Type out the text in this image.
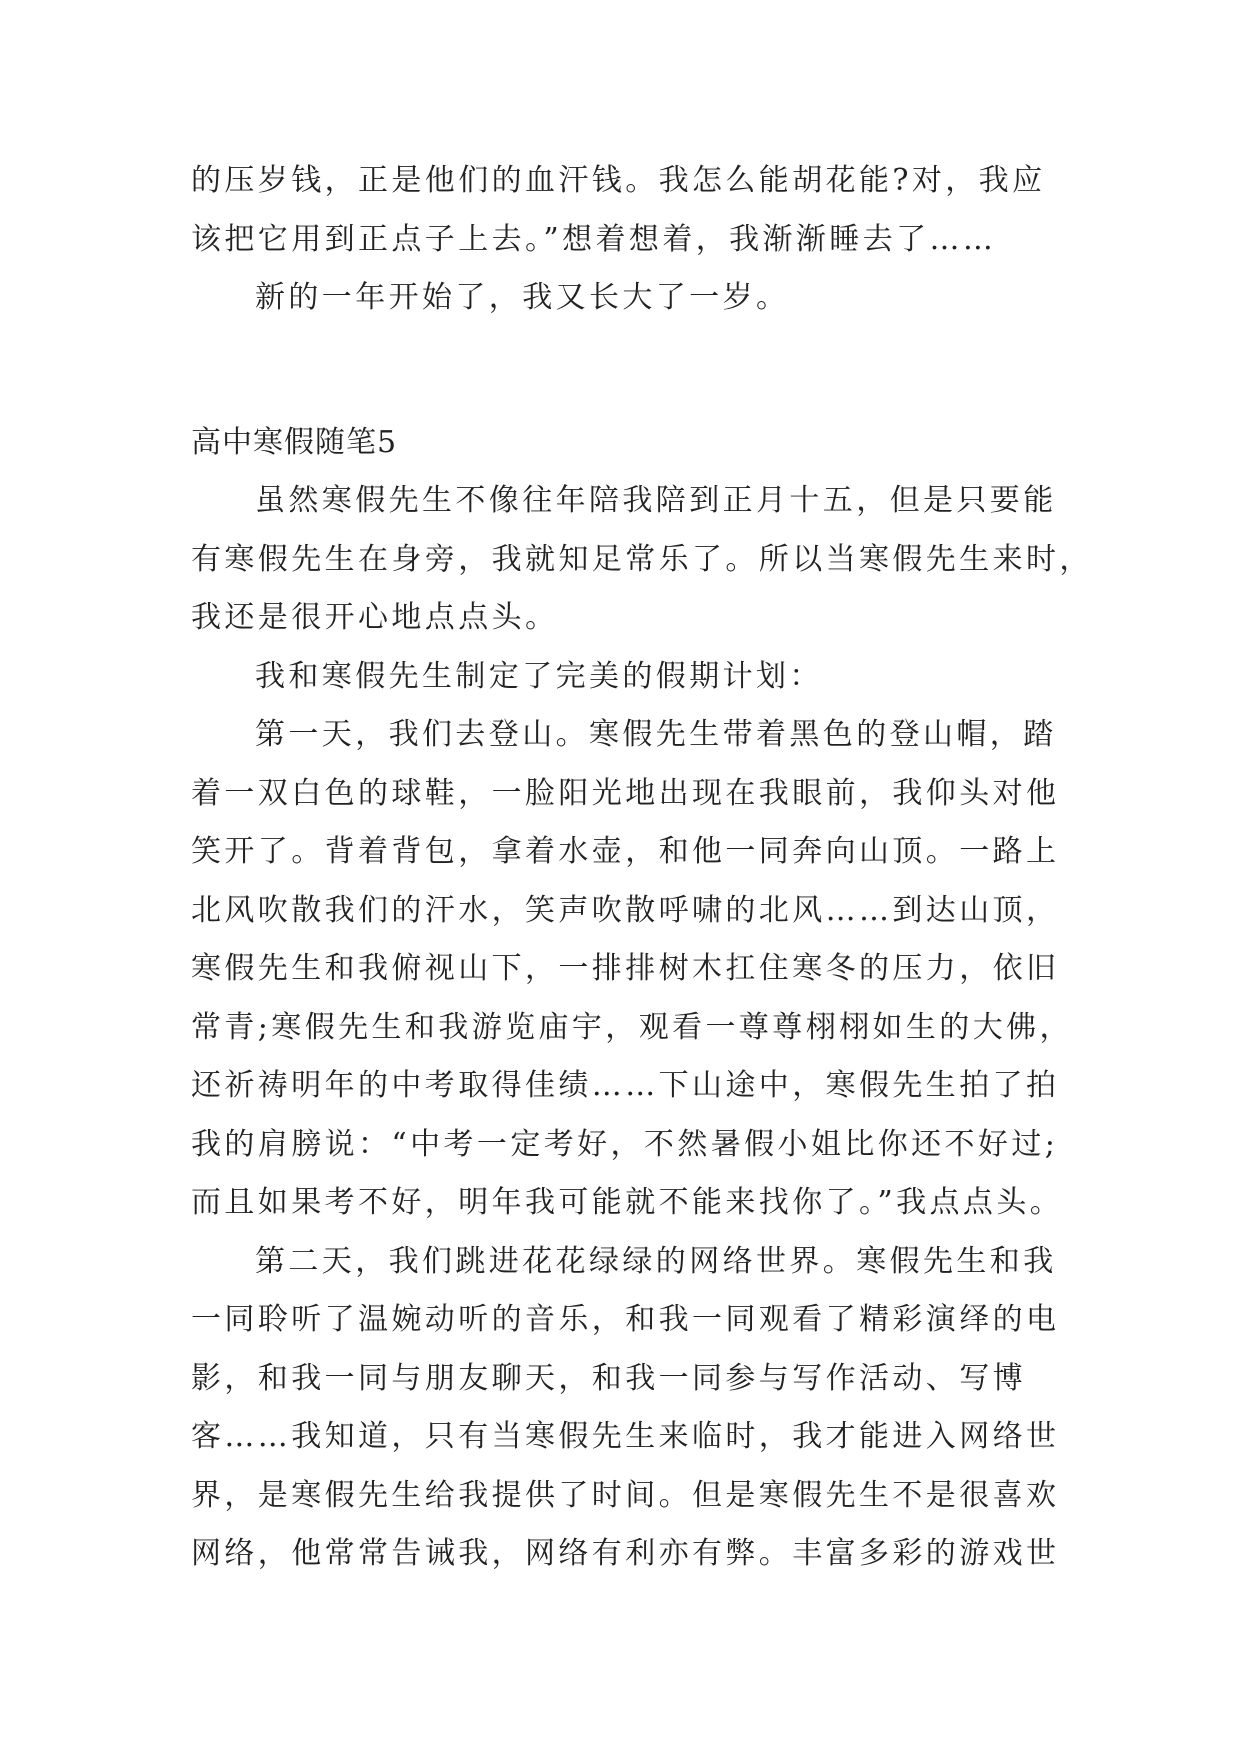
的压岁钱，正是他们的血汗钱。我怎么能胡花能?对，我应
该把它用到正点子上去。”想着想着，我渐渐睡去了……
新的一年开始了，我又长大了一岁。
高中寒假随笔5
虽然寒假先生不像往年陪我陪到正月十五，但是只要能
有寒假先生在身旁，我就知足常乐了。所以当寒假先生来时，
我还是很开心地点点头。
我和寒假先生制定了完美的假期计划：
第一天，我们去登山。寒假先生带着黑色的登山帽，踏
着一双白色的球鞋，一脸阳光地出现在我眼前，我仰头对他
笑开了。背着背包，拿着水壶，和他一同奔向山顶。一路上
北风吹散我们的汗水，笑声吹散呼啸的北风……到达山顶，
寒假先生和我俯视山下，一排排树木扛住寒冬的压力，依旧
常青;寒假先生和我游览庙宇，观看一尊尊栩栩如生的大佛，
还祈祷明年的中考取得佳绩……下山途中，寒假先生拍了拍
我的肩膀说：“中考一定考好，不然暑假小姐比你还不好过;
而且如果考不好，明年我可能就不能来找你了。”我点点头。
第二天，我们跳进花花绿绿的网络世界。寒假先生和我
一同聆听了温婉动听的音乐，和我一同观看了精彩演绎的电
影，和我一同与朋友聊天，和我一同参与写作活动、写博
客……我知道，只有当寒假先生来临时，我才能进入网络世
界，是寒假先生给我提供了时间。但是寒假先生不是很喜欢
网络，他常常告诫我，网络有利亦有弊。丰富多彩的游戏世
